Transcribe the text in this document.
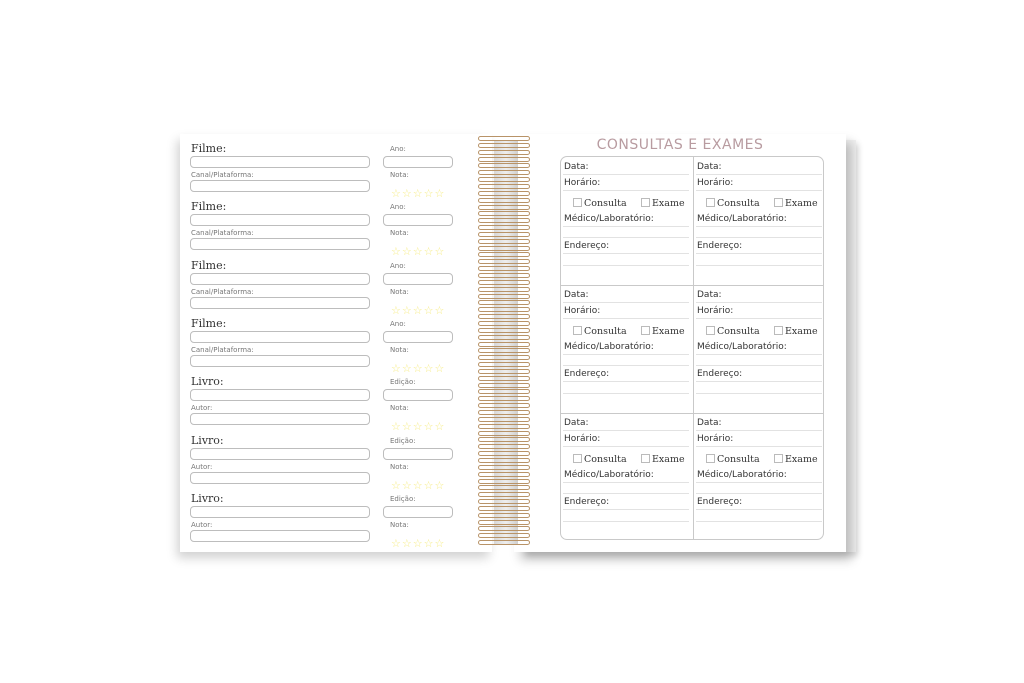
Filme:	Ano:
Canal/Plataforma:	Nota:
☆☆☆☆☆
Filme:	Ano:
Canal/Plataforma:	Nota:
☆☆☆☆☆
Filme:	Ano:
Canal/Plataforma:	Nota:
☆☆☆☆☆
Filme:	Ano:
Canal/Plataforma:	Nota:
☆☆☆☆☆
Livro:	Edição:
Autor:	Nota:
☆☆☆☆☆
Livro:	Edição:
Autor:	Nota:
☆☆☆☆☆
Livro:	Edição:
Autor:	Nota:
☆☆☆☆☆
CONSULTAS E EXAMES
Data:
Horário:
Consulta	Exame
Médico/Laboratório:
Endereço:
Data:
Horário:
Consulta	Exame
Médico/Laboratório:
Endereço:
Data:
Horário:
Consulta	Exame
Médico/Laboratório:
Endereço:
Data:
Horário:
Consulta	Exame
Médico/Laboratório:
Endereço:
Data:
Horário:
Consulta	Exame
Médico/Laboratório:
Endereço:
Data:
Horário:
Consulta	Exame
Médico/Laboratório:
Endereço:
